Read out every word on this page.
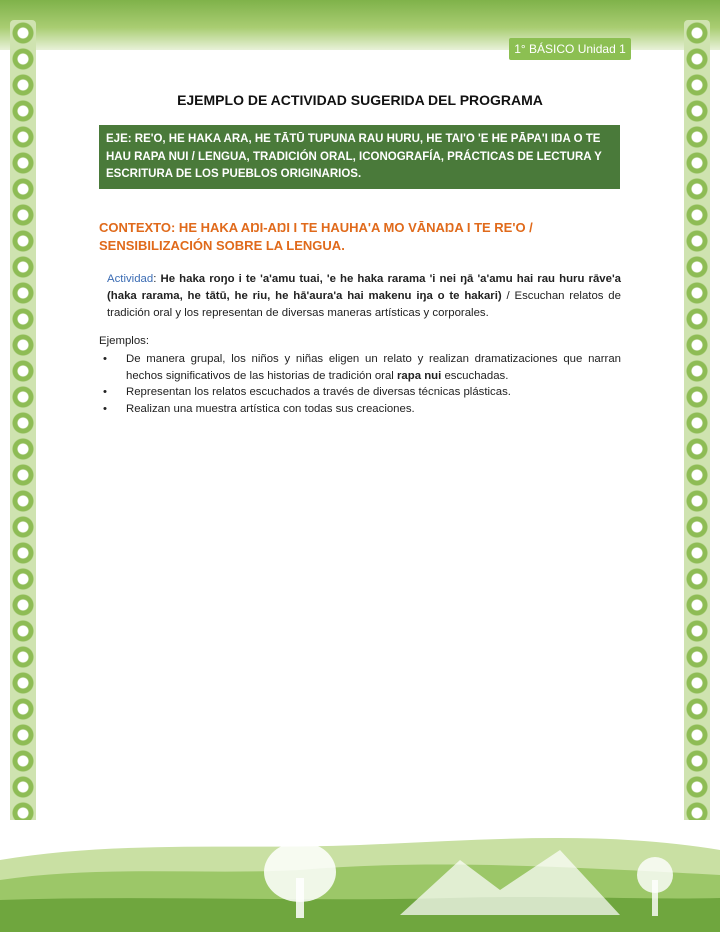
1° BÁSICO Unidad 1
EJEMPLO DE ACTIVIDAD SUGERIDA DEL PROGRAMA
EJE: RE'O, HE HAKA ARA, HE TĀTŪ TUPUNA RAU HURU, HE TAI'O 'E HE PĀPA'I IŊA O TE HAU RAPA NUI / LENGUA, TRADICIÓN ORAL, ICONOGRAFÍA, PRÁCTICAS DE LECTURA Y ESCRITURA DE LOS PUEBLOS ORIGINARIOS.

CONTEXTO: HE HAKA AŊI-AŊI I TE HAUHA'A MO VĀNAŊA I TE RE'O / SENSIBILIZACIÓN SOBRE LA LENGUA.

Actividad: He haka roŋo i te 'a'amu tuai, 'e he haka rarama 'i nei ŋā 'a'amu hai rau huru rāve'a (haka rarama, he tātū, he riu, he hā'aura'a hai makenu iŋa o te hakari) / Escuchan relatos de tradición oral y los representan de diversas maneras artísticas y corporales.

Ejemplos:

• De manera grupal, los niños y niñas eligen un relato y realizan dramatizaciones que narran hechos significativos de las historias de tradición oral rapa nui escuchadas.
• Representan los relatos escuchados a través de diversas técnicas plásticas.
• Realizan una muestra artística con todas sus creaciones.
